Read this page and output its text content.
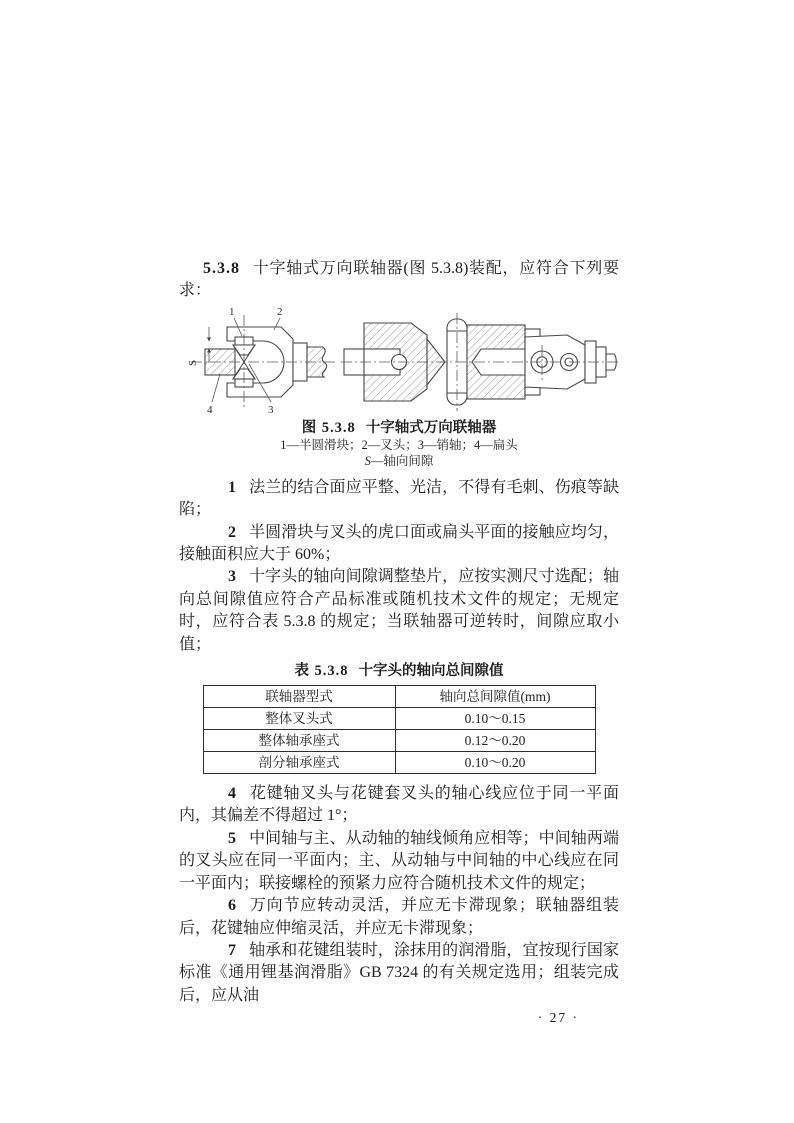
5.3.8 十字轴式万向联轴器(图 5.3.8)装配，应符合下列要求：

S
1	2
4	3

图 5.3.8 十字轴式万向联轴器

1—半圆滑块；2—叉头；3—销轴；4—扁头

S—轴向间隙

1 法兰的结合面应平整、光洁，不得有毛刺、伤痕等缺陷；

2 半圆滑块与叉头的虎口面或扁头平面的接触应均匀，接触面积应大于 60%；

3 十字头的轴向间隙调整垫片，应按实测尺寸选配；轴向总间隙值应符合产品标准或随机技术文件的规定；无规定时，应符合表 5.3.8 的规定；当联轴器可逆转时，间隙应取小值；

表 5.3.8 十字头的轴向总间隙值

联轴器型式	轴向总间隙值(mm)
整体叉头式	0.10～0.15
整体轴承座式	0.12～0.20
剖分轴承座式	0.10～0.20

4 花键轴叉头与花键套叉头的轴心线应位于同一平面内，其偏差不得超过 1°；

5 中间轴与主、从动轴的轴线倾角应相等；中间轴两端的叉头应在同一平面内；主、从动轴与中间轴的中心线应在同一平面内；联接螺栓的预紧力应符合随机技术文件的规定；

6 万向节应转动灵活，并应无卡滞现象；联轴器组装后，花键轴应伸缩灵活，并应无卡滞现象；

7 轴承和花键组装时，涂抹用的润滑脂，宜按现行国家标准《通用锂基润滑脂》GB 7324 的有关规定选用；组装完成后，应从油

· 27 ·
